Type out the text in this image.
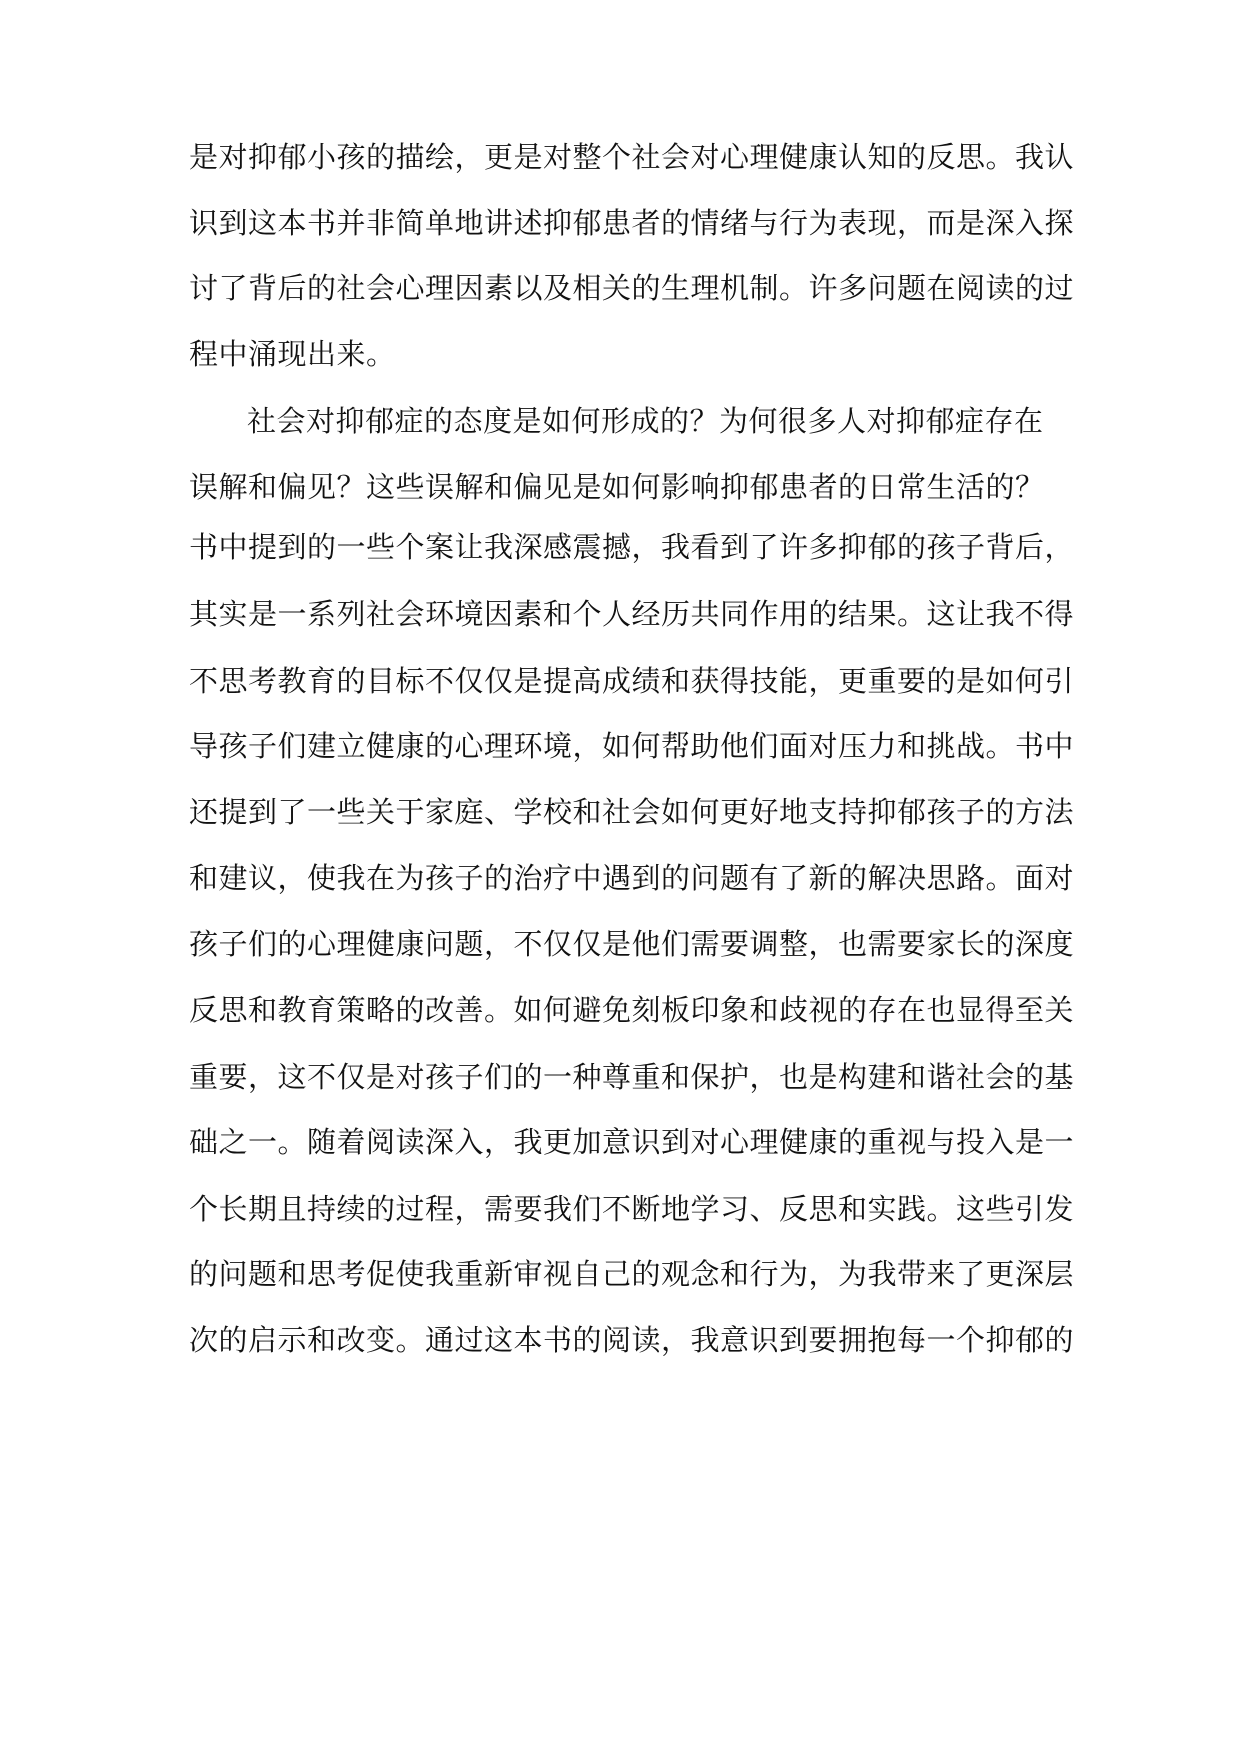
是对抑郁小孩的描绘，更是对整个社会对心理健康认知的反思。我认

识到这本书并非简单地讲述抑郁患者的情绪与行为表现，而是深入探

讨了背后的社会心理因素以及相关的生理机制。许多问题在阅读的过

程中涌现出来。

社会对抑郁症的态度是如何形成的？为何很多人对抑郁症存在

误解和偏见？这些误解和偏见是如何影响抑郁患者的日常生活的？

书中提到的一些个案让我深感震撼，我看到了许多抑郁的孩子背后，

其实是一系列社会环境因素和个人经历共同作用的结果。这让我不得

不思考教育的目标不仅仅是提高成绩和获得技能，更重要的是如何引

导孩子们建立健康的心理环境，如何帮助他们面对压力和挑战。书中

还提到了一些关于家庭、学校和社会如何更好地支持抑郁孩子的方法

和建议，使我在为孩子的治疗中遇到的问题有了新的解决思路。面对

孩子们的心理健康问题，不仅仅是他们需要调整，也需要家长的深度

反思和教育策略的改善。如何避免刻板印象和歧视的存在也显得至关

重要，这不仅是对孩子们的一种尊重和保护，也是构建和谐社会的基

础之一。随着阅读深入，我更加意识到对心理健康的重视与投入是一

个长期且持续的过程，需要我们不断地学习、反思和实践。这些引发

的问题和思考促使我重新审视自己的观念和行为，为我带来了更深层

次的启示和改变。通过这本书的阅读，我意识到要拥抱每一个抑郁的
